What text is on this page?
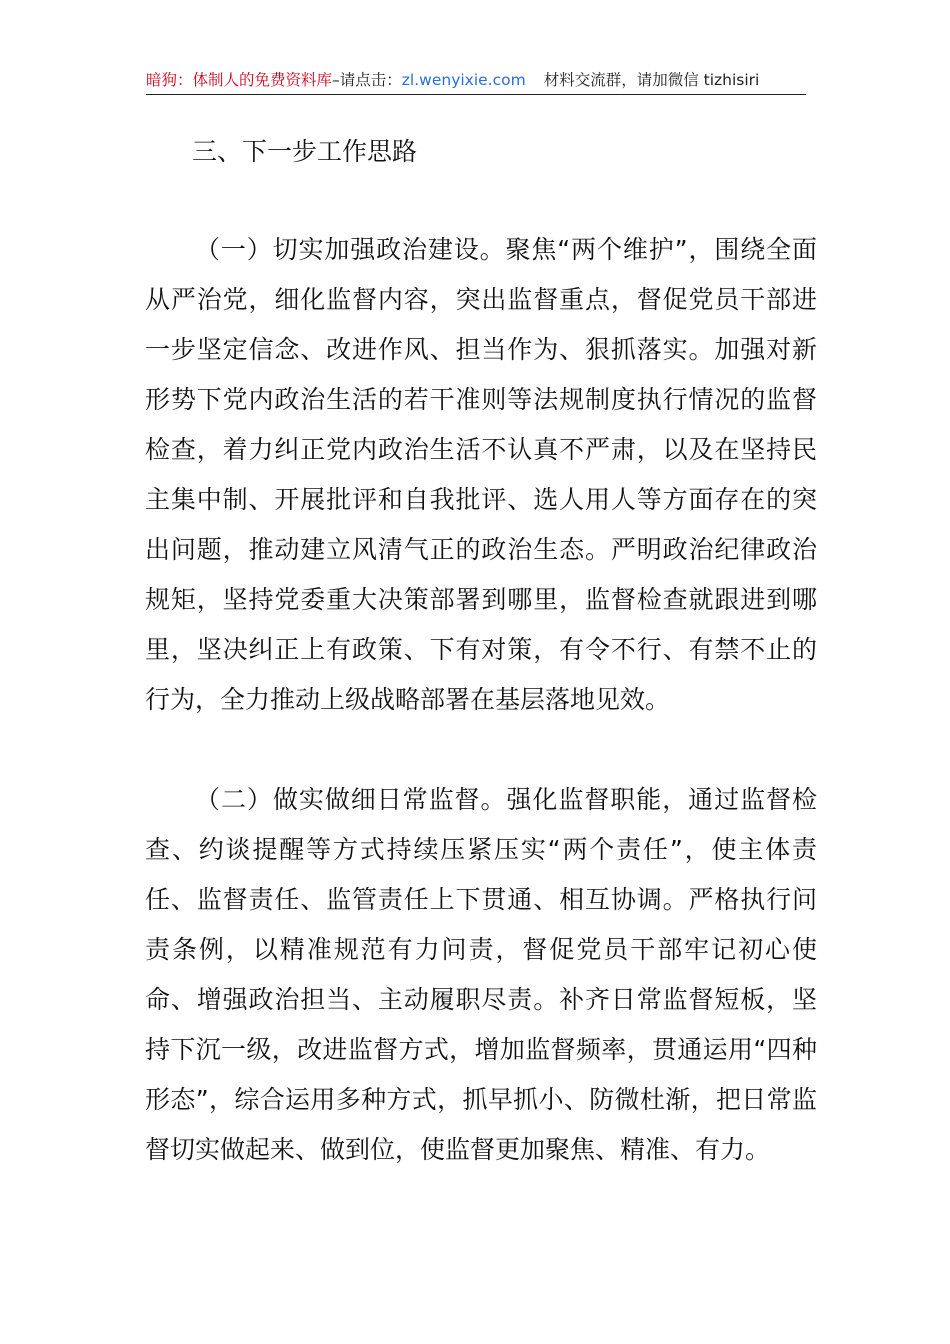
暗狗：体制人的免费资料库–请点击：zl.wenyixie.com 材料交流群，请加微信 tizhisiri
三、下一步工作思路

（一）切实加强政治建设。聚焦“两个维护”，围绕全面从严治党，细化监督内容，突出监督重点，督促党员干部进一步坚定信念、改进作风、担当作为、狠抓落实。加强对新形势下党内政治生活的若干准则等法规制度执行情况的监督检查，着力纠正党内政治生活不认真不严肃，以及在坚持民主集中制、开展批评和自我批评、选人用人等方面存在的突出问题，推动建立风清气正的政治生态。严明政治纪律政治规矩，坚持党委重大决策部署到哪里，监督检查就跟进到哪里，坚决纠正上有政策、下有对策，有令不行、有禁不止的行为，全力推动上级战略部署在基层落地见效。

（二）做实做细日常监督。强化监督职能，通过监督检查、约谈提醒等方式持续压紧压实“两个责任”，使主体责任、监督责任、监管责任上下贯通、相互协调。严格执行问责条例，以精准规范有力问责，督促党员干部牢记初心使命、增强政治担当、主动履职尽责。补齐日常监督短板，坚持下沉一级，改进监督方式，增加监督频率，贯通运用“四种形态”，综合运用多种方式，抓早抓小、防微杜渐，把日常监督切实做起来、做到位，使监督更加聚焦、精准、有力。
